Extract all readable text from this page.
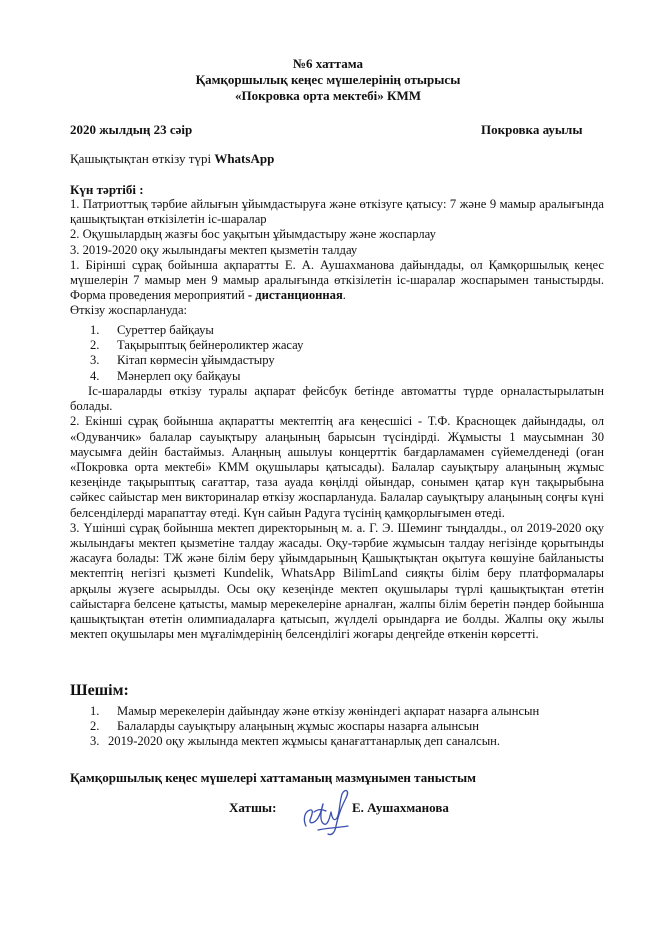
№6 хаттама
Қамқоршылық кеңес мүшелерінің отырысы
«Покровка орта мектебі» КММ
2020 жылдың 23 сәір	Покровка ауылы
Қашықтықтан өткізу түрі WhatsApp
Күн тәртібі :

1. Патриоттық тәрбие айлығын ұйымдастыруға және өткізуге қатысу: 7 және 9 мамыр аралығында қашықтықтан өткізілетін іс-шаралар

2. Оқушылардың жазғы бос уақытын ұйымдастыру және жоспарлау

3. 2019-2020 оқу жылындағы мектеп қызметін талдау

1. Бірінші сұрақ бойынша ақпаратты Е. А. Аушахманова дайындады, ол Қамқоршылық кеңес мүшелерін 7 мамыр мен 9 мамыр аралығында өткізілетін іс-шаралар жоспарымен таныстырды. Форма проведения мероприятий - дистанционная.

Өткізу жоспарлануда:

1. Суреттер байқауы
2. Тақырыптық бейнероликтер жасау
3. Кітап көрмесін ұйымдастыру
4. Мәнерлеп оқу байқауы

Іс-шараларды өткізу туралы ақпарат фейсбук бетінде автоматты түрде орналастырылатын болады.

2. Екінші сұрақ бойынша ақпаратты мектептің аға кеңесшісі - Т.Ф. Краснощек дайындады, ол «Одуванчик» балалар сауықтыру алаңының барысын түсіндірді. Жұмысты 1 маусымнан 30 маусымға дейін бастаймыз. Алаңның ашылуы концерттік бағдарламамен сүйемелденеді (оған «Покровка орта мектебі» КММ оқушылары қатысады). Балалар сауықтыру алаңының жұмыс кезеңінде тақырыптық сағаттар, таза ауада көңілді ойындар, сонымен қатар күн тақырыбына сәйкес сайыстар мен викториналар өткізу жоспарлануда. Балалар сауықтыру алаңының соңғы күні белсенділерді марапаттау өтеді. Күн сайын Радуга түсінің қамқорлығымен өтеді.

3. Үшінші сұрақ бойынша мектеп директорының м. а. Г. Э. Шеминг тыңдалды., ол 2019-2020 оқу жылындағы мектеп қызметіне талдау жасады. Оқу-тәрбие жұмысын талдау негізінде қорытынды жасауға болады: ТЖ және білім беру ұйымдарының Қашықтықтан оқытуға көшуіне байланысты мектептің негізгі қызметі Kundelik, WhatsApp BilimLand сияқты білім беру платформалары арқылы жүзеге асырылды. Осы оқу кезеңінде мектеп оқушылары түрлі қашықтықтан өтетін сайыстарға белсене қатысты, мамыр мерекелеріне арналған, жалпы білім беретін пәндер бойынша қашықтықтан өтетін олимпиадаларға қатысып, жүлделі орындарға ие болды. Жалпы оқу жылы мектеп оқушылары мен мұғалімдерінің белсенділігі жоғары деңгейде өткенін көрсетті.

Шешім:
1. Мамыр мерекелерін дайындау және өткізу жөніндегі ақпарат назарға алынсын
2. Балаларды сауықтыру алаңының жұмыс жоспары назарға алынсын
3. 2019-2020 оқу жылында мектеп жұмысы қанағаттанарлық деп саналсын.
Қамқоршылық кеңес мүшелері хаттаманың мазмұнымен таныстым
Хатшы:	Е. Аушахманова
